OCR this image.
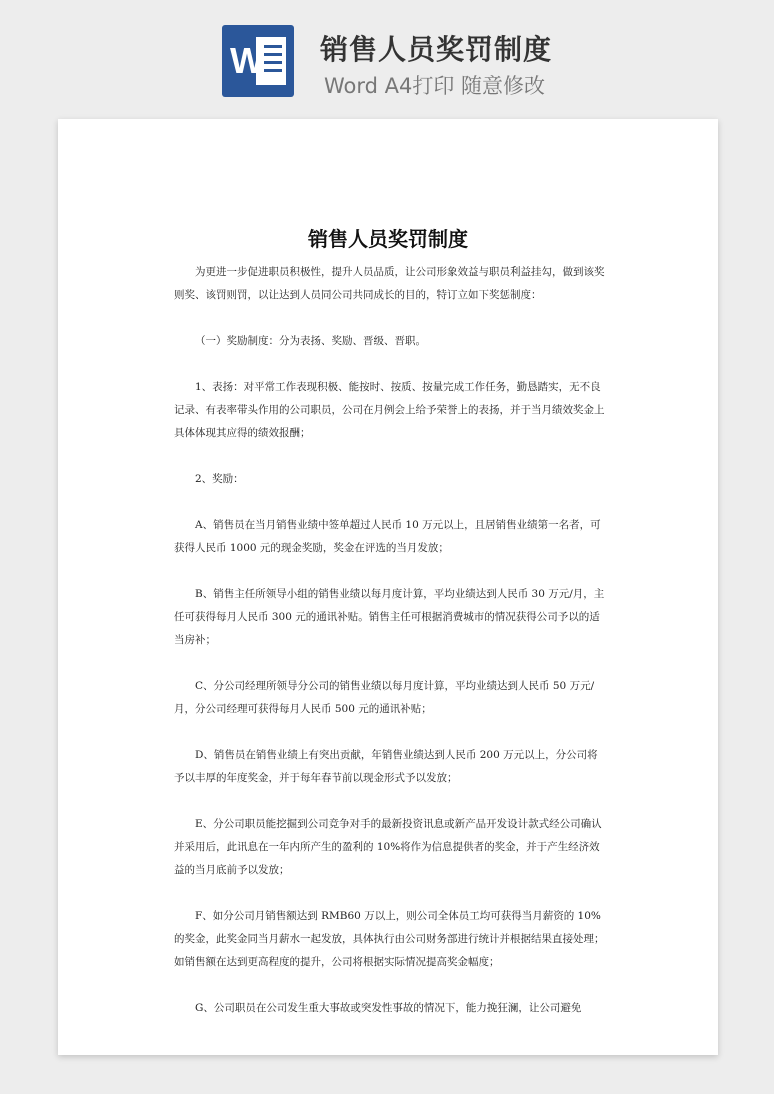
W 销售人员奖罚制度
Word A4打印 随意修改
销售人员奖罚制度

为更进一步促进职员积极性，提升人员品质，让公司形象效益与职员利益挂勾，做到该奖则奖、该罚则罚，以让达到人员同公司共同成长的目的，特订立如下奖惩制度：

（一）奖励制度：分为表扬、奖励、晋级、晋职。

1、表扬：对平常工作表现积极、能按时、按质、按量完成工作任务，勤恳踏实，无不良记录、有表率带头作用的公司职员，公司在月例会上给予荣誉上的表扬，并于当月绩效奖金上具体体现其应得的绩效报酬；

2、奖励：

A、销售员在当月销售业绩中签单超过人民币 10 万元以上，且居销售业绩第一名者，可获得人民币 1000 元的现金奖励，奖金在评选的当月发放；

B、销售主任所领导小组的销售业绩以每月度计算，平均业绩达到人民币 30 万元/月，主任可获得每月人民币 300 元的通讯补贴。销售主任可根据消费城市的情况获得公司予以的适当房补；

C、分公司经理所领导分公司的销售业绩以每月度计算，平均业绩达到人民币 50 万元/月，分公司经理可获得每月人民币 500 元的通讯补贴；

D、销售员在销售业绩上有突出贡献，年销售业绩达到人民币 200 万元以上，分公司将予以丰厚的年度奖金，并于每年春节前以现金形式予以发放；

E、分公司职员能挖掘到公司竞争对手的最新投资讯息或新产品开发设计款式经公司确认并采用后，此讯息在一年内所产生的盈利的 10%将作为信息提供者的奖金，并于产生经济效益的当月底前予以发放；

F、如分公司月销售额达到 RMB60 万以上，则公司全体员工均可获得当月薪资的 10%的奖金，此奖金同当月薪水一起发放，具体执行由公司财务部进行统计并根据结果直接处理；如销售额在达到更高程度的提升，公司将根据实际情况提高奖金幅度；

G、公司职员在公司发生重大事故或突发性事故的情况下，能力挽狂澜，让公司避免
